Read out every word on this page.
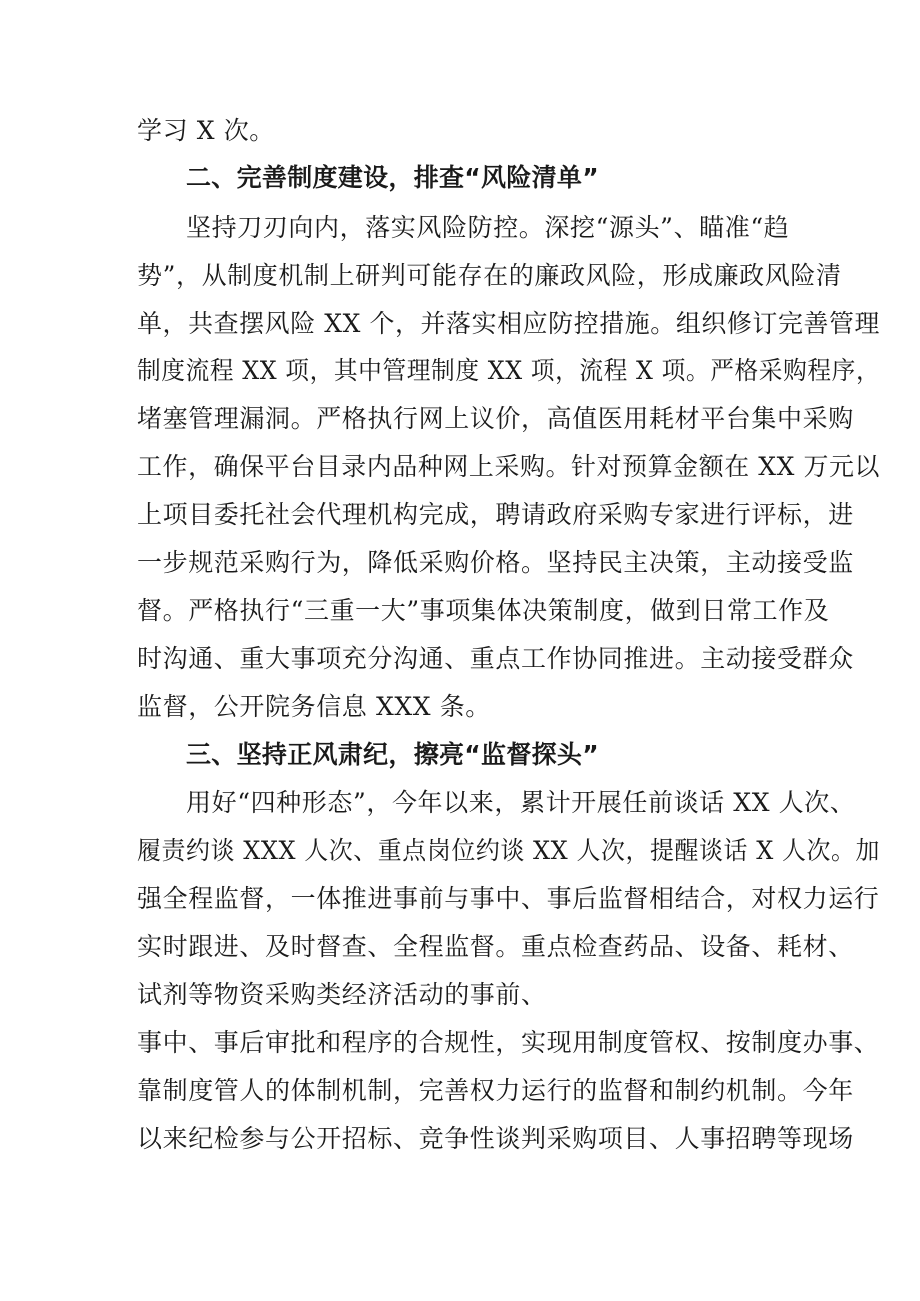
学习 X 次。
二、完善制度建设，排查“风险清单”
坚持刀刃向内，落实风险防控。深挖“源头”、瞄准“趋
势”，从制度机制上研判可能存在的廉政风险，形成廉政风险清
单，共查摆风险 XX 个，并落实相应防控措施。组织修订完善管理
制度流程 XX 项，其中管理制度 XX 项，流程 X 项。严格采购程序，
堵塞管理漏洞。严格执行网上议价，高值医用耗材平台集中采购
工作，确保平台目录内品种网上采购。针对预算金额在 XX 万元以
上项目委托社会代理机构完成，聘请政府采购专家进行评标，进
一步规范采购行为，降低采购价格。坚持民主决策，主动接受监
督。严格执行“三重一大”事项集体决策制度，做到日常工作及
时沟通、重大事项充分沟通、重点工作协同推进。主动接受群众
监督，公开院务信息 XXX 条。
三、坚持正风肃纪，擦亮“监督探头”
用好“四种形态”，今年以来，累计开展任前谈话 XX 人次、
履责约谈 XXX 人次、重点岗位约谈 XX 人次，提醒谈话 X 人次。加
强全程监督，一体推进事前与事中、事后监督相结合，对权力运行
实时跟进、及时督查、全程监督。重点检查药品、设备、耗材、
试剂等物资采购类经济活动的事前、
事中、事后审批和程序的合规性，实现用制度管权、按制度办事、
靠制度管人的体制机制，完善权力运行的监督和制约机制。今年
以来纪检参与公开招标、竞争性谈判采购项目、人事招聘等现场
